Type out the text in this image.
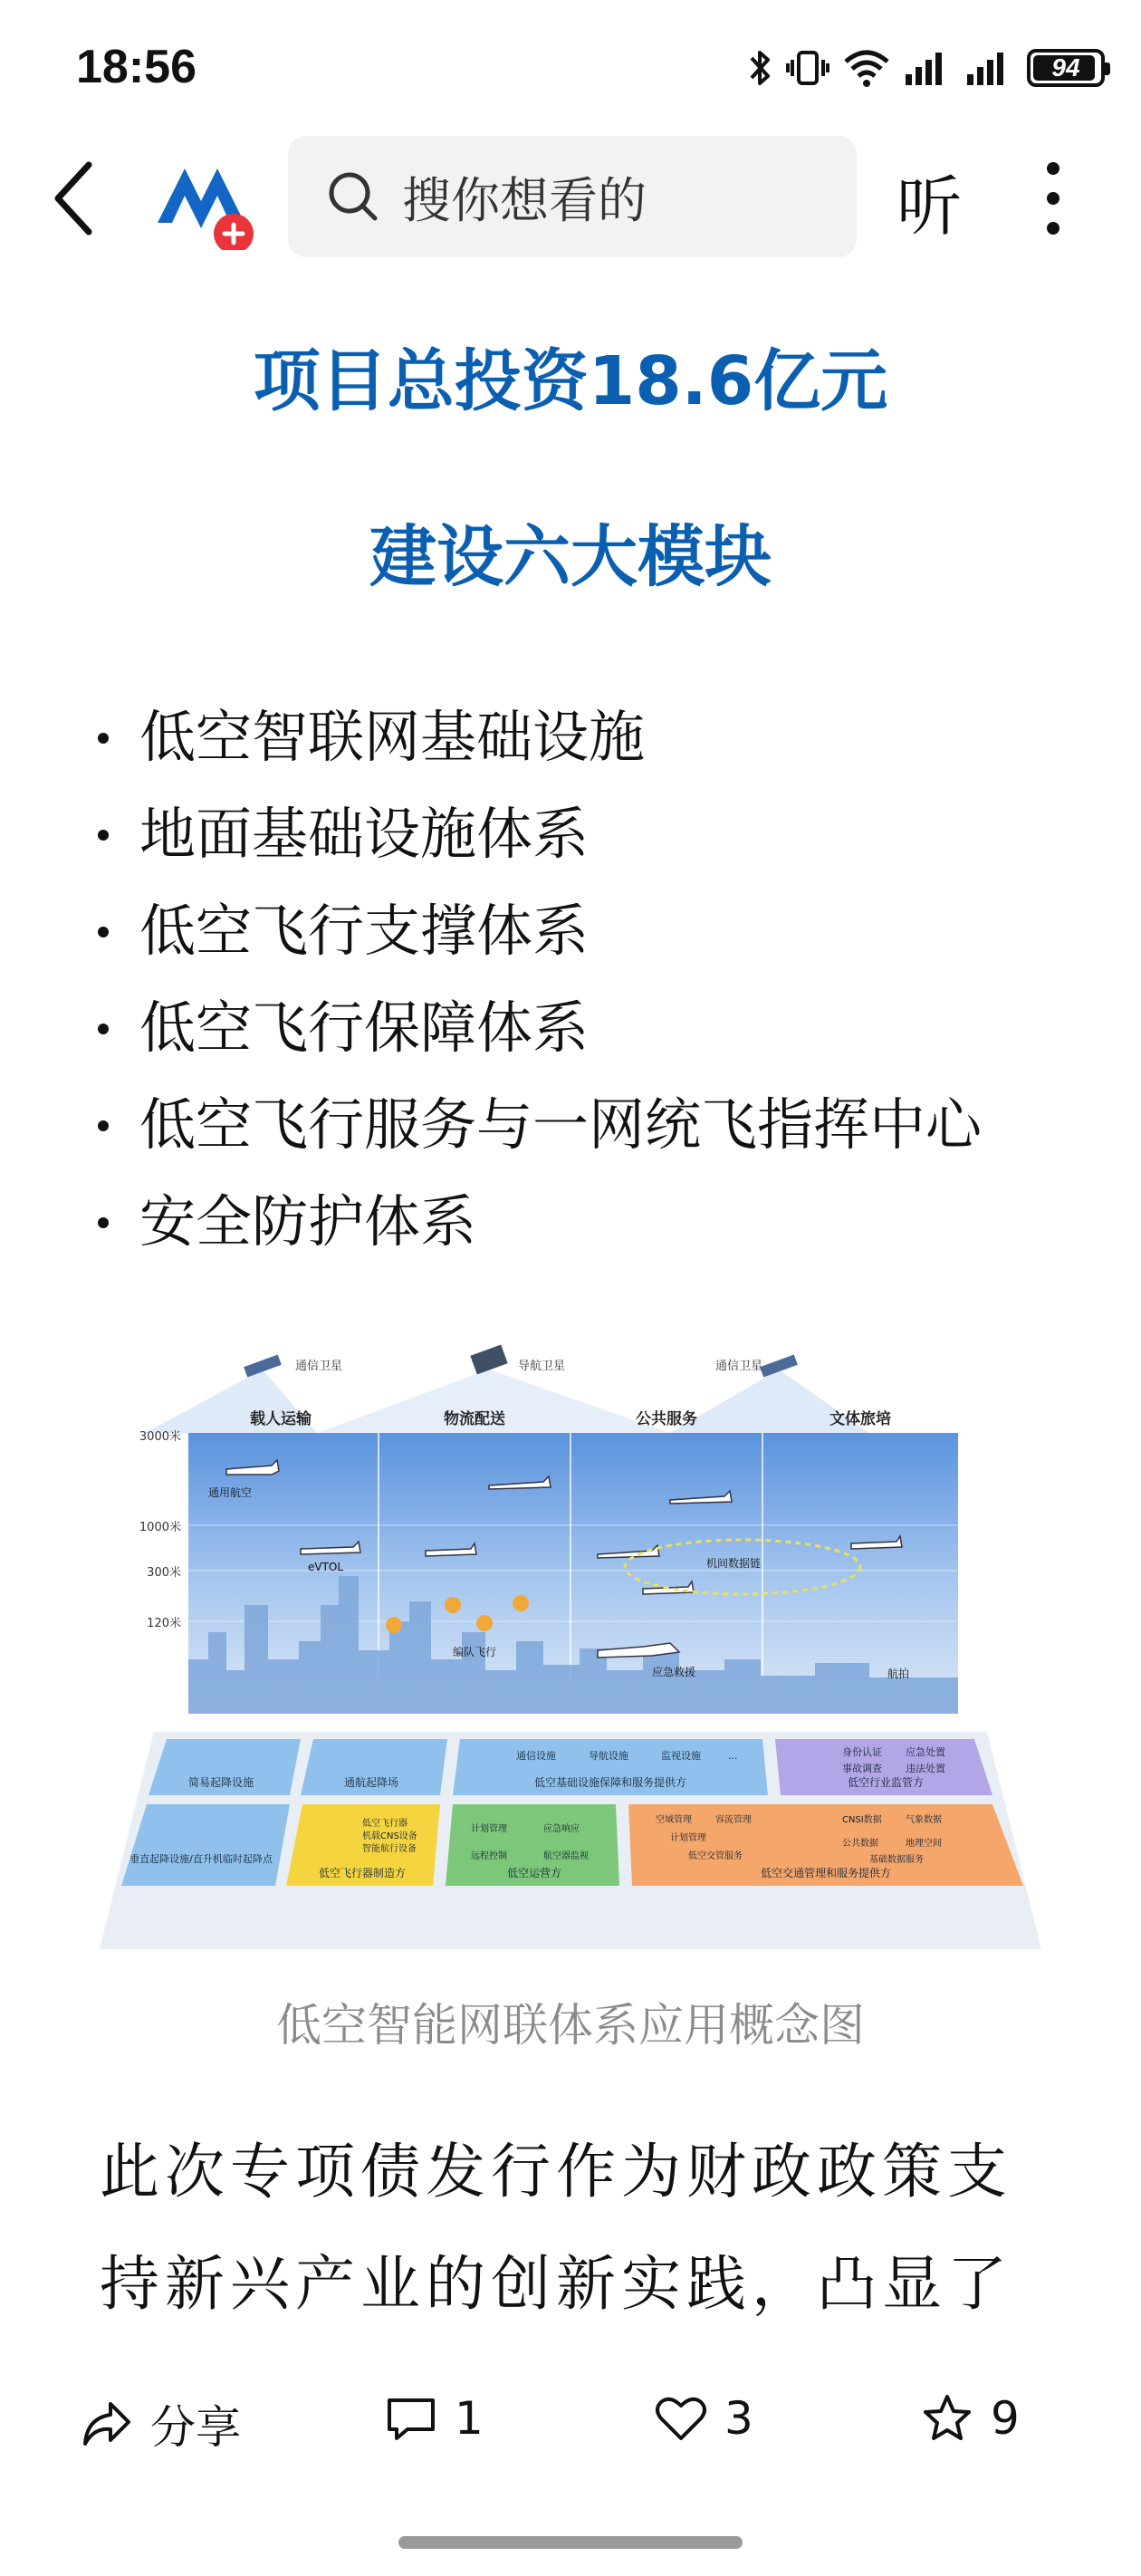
18:56	94
搜你想看的	听
项目总投资18.6亿元
建设六大模块
低空智联网基础设施
地面基础设施体系
低空飞行支撑体系
低空飞行保障体系
低空飞行服务与一网统飞指挥中心
安全防护体系
通信卫星	导航卫星	通信卫星
载人运输	物流配送	公共服务	文体旅培
3000米
1000米
300米
120米
通用航空
eVTOL	机间数据链
编队飞行
应急救援	航拍
简易起降设施	通航起降场	低空基础设施保障和服务提供方	低空行业监管方
通信设施	导航设施	监视设施	...	身份认证 应急处置
事故调查 违法处置
垂直起降设施/直升机临时起降点
低空飞行器制造方	低空运营方	低空交通管理和服务提供方
低空飞行器
机载CNS设备
智能航行设备
计划管理	应急响应
远程控制	航空器监视
空域管理	容流管理
计划管理
低空交管服务
CNSI数据	气象数据
公共数据	地理空间
基础数据服务
低空智能网联体系应用概念图
此次专项债发行作为财政政策支持新兴产业的创新实践，凸显了
分享	1	3	9
